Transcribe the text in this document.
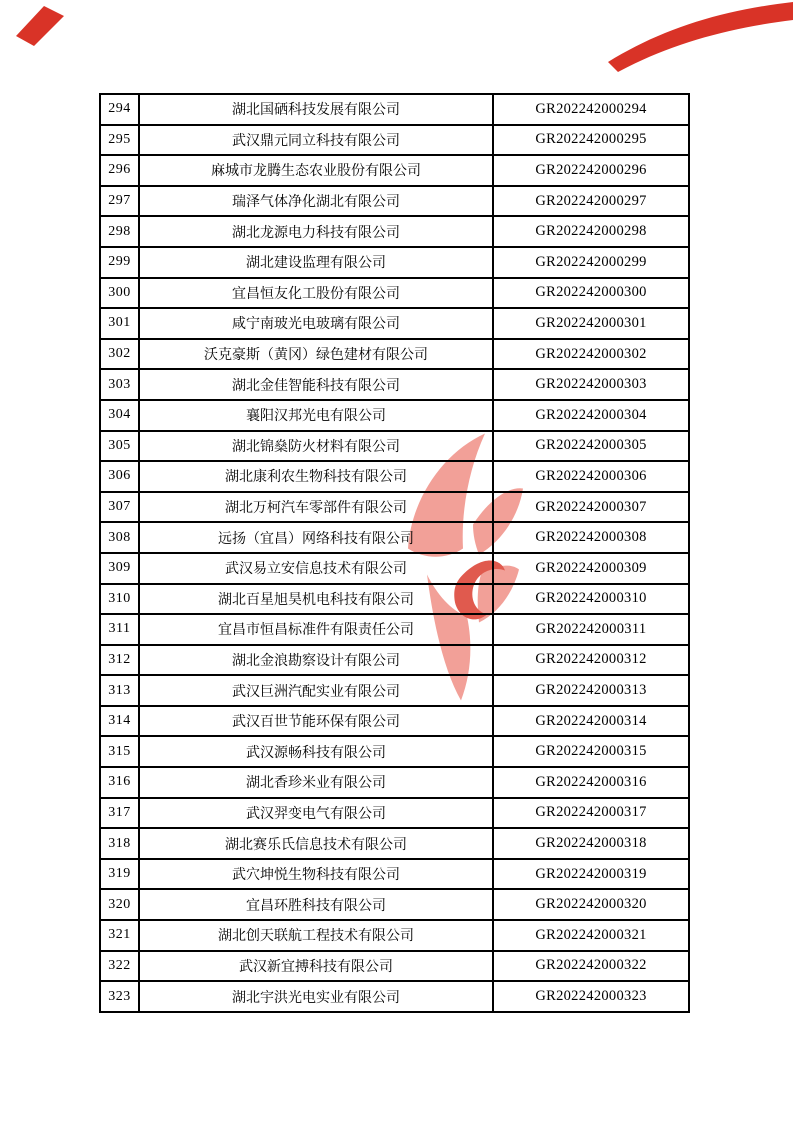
294	湖北国硒科技发展有限公司	GR202242000294
295	武汉鼎元同立科技有限公司	GR202242000295
296	麻城市龙腾生态农业股份有限公司	GR202242000296
297	瑞泽气体净化湖北有限公司	GR202242000297
298	湖北龙源电力科技有限公司	GR202242000298
299	湖北建设监理有限公司	GR202242000299
300	宜昌恒友化工股份有限公司	GR202242000300
301	咸宁南玻光电玻璃有限公司	GR202242000301
302	沃克豪斯（黄冈）绿色建材有限公司	GR202242000302
303	湖北金佳智能科技有限公司	GR202242000303
304	襄阳汉邦光电有限公司	GR202242000304
305	湖北锦燊防火材料有限公司	GR202242000305
306	湖北康利农生物科技有限公司	GR202242000306
307	湖北万柯汽车零部件有限公司	GR202242000307
308	远扬（宜昌）网络科技有限公司	GR202242000308
309	武汉易立安信息技术有限公司	GR202242000309
310	湖北百星旭昊机电科技有限公司	GR202242000310
311	宜昌市恒昌标准件有限责任公司	GR202242000311
312	湖北金浪勘察设计有限公司	GR202242000312
313	武汉巨洲汽配实业有限公司	GR202242000313
314	武汉百世节能环保有限公司	GR202242000314
315	武汉源畅科技有限公司	GR202242000315
316	湖北香珍米业有限公司	GR202242000316
317	武汉羿变电气有限公司	GR202242000317
318	湖北赛乐氏信息技术有限公司	GR202242000318
319	武穴坤悦生物科技有限公司	GR202242000319
320	宜昌环胜科技有限公司	GR202242000320
321	湖北创天联航工程技术有限公司	GR202242000321
322	武汉新宜搏科技有限公司	GR202242000322
323	湖北宇洪光电实业有限公司	GR202242000323
